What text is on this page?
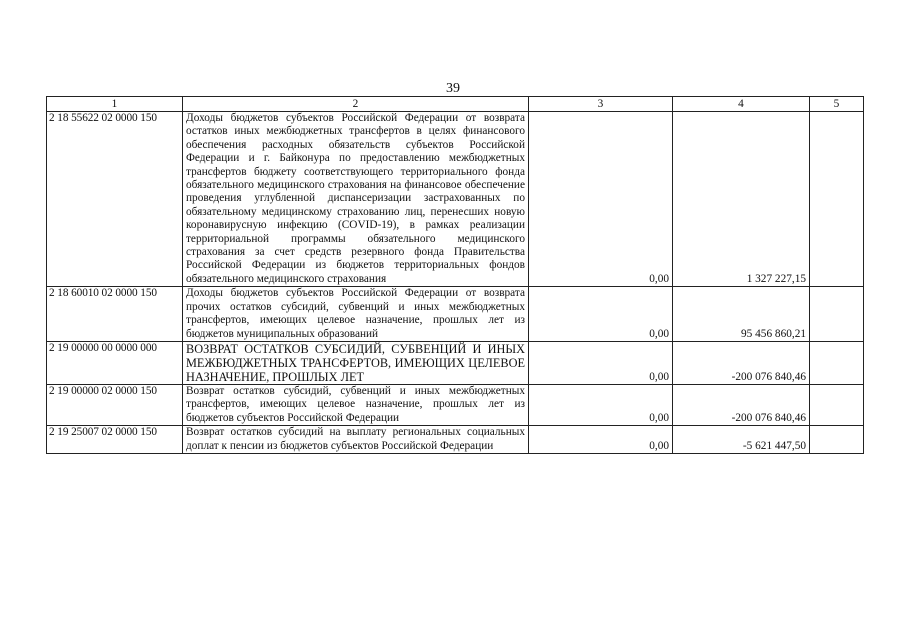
39
1	2	3	4	5
2 18 55622 02 0000 150	Доходы бюджетов субъектов Российской Федерации от возврата остатков иных межбюджетных трансфертов в целях финансового обеспечения расходных обязательств субъектов Российской Федерации и г. Байконура по предоставлению межбюджетных трансфертов бюджету соответствующего территориального фонда обязательного медицинского страхования на финансовое обеспечение проведения углубленной диспансеризации застрахованных по обязательному медицинскому страхованию лиц, перенесших новую коронавирусную инфекцию (COVID-19), в рамках реализации территориальной программы обязательного медицинского страхования за счет средств резервного фонда Правительства Российской Федерации из бюджетов территориальных фондов обязательного медицинского страхования	0,00	1 327 227,15	
2 18 60010 02 0000 150	Доходы бюджетов субъектов Российской Федерации от возврата прочих остатков субсидий, субвенций и иных межбюджетных трансфертов, имеющих целевое назначение, прошлых лет из бюджетов муниципальных образований	0,00	95 456 860,21	
2 19 00000 00 0000 000	ВОЗВРАТ ОСТАТКОВ СУБСИДИЙ, СУБВЕНЦИЙ И ИНЫХ МЕЖБЮДЖЕТНЫХ ТРАНСФЕРТОВ, ИМЕЮЩИХ ЦЕЛЕВОЕ НАЗНАЧЕНИЕ, ПРОШЛЫХ ЛЕТ	0,00	-200 076 840,46	
2 19 00000 02 0000 150	Возврат остатков субсидий, субвенций и иных межбюджетных трансфертов, имеющих целевое назначение, прошлых лет из бюджетов субъектов Российской Федерации	0,00	-200 076 840,46	
2 19 25007 02 0000 150	Возврат остатков субсидий на выплату региональных социальных доплат к пенсии из бюджетов субъектов Российской Федерации	0,00	-5 621 447,50	
